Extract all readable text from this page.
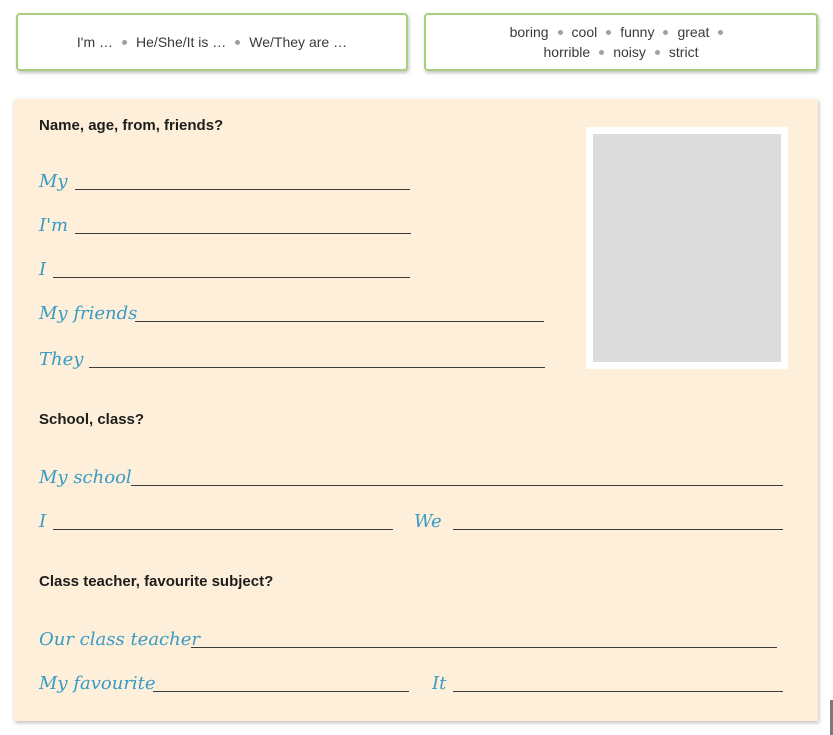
I'm … He/She/It is … We/They are …
boring cool funny great
horrible noisy strict
Name, age, from, friends?
My
I'm
I
My friends
They
School, class?
My school
I	We
Class teacher, favourite subject?
Our class teacher
My favourite	It
